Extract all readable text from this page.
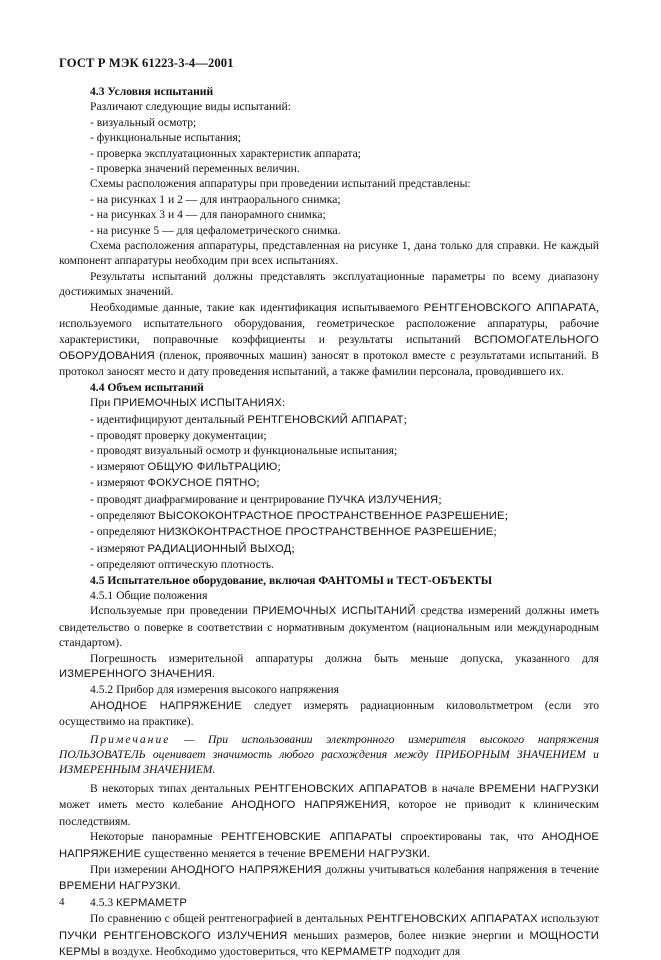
ГОСТ Р МЭК 61223-3-4—2001

4.3 Условия испытаний

Различают следующие виды испытаний:

- визуальный осмотр;

- функциональные испытания;

- проверка эксплуатационных характеристик аппарата;

- проверка значений переменных величин.

Схемы расположения аппаратуры при проведении испытаний представлены:

- на рисунках 1 и 2 — для интраорального снимка;

- на рисунках 3 и 4 — для панорамного снимка;

- на рисунке 5 — для цефалометрического снимка.

Схема расположения аппаратуры, представленная на рисунке 1, дана только для справки. Не каждый компонент аппаратуры необходим при всех испытаниях.

Результаты испытаний должны представлять эксплуатационные параметры по всему диапазону достижимых значений.

Необходимые данные, такие как идентификация испытываемого РЕНТГЕНОВСКОГО АППАРАТА, используемого испытательного оборудования, геометрическое расположение аппаратуры, рабочие характеристики, поправочные коэффициенты и результаты испытаний ВСПОМОГАТЕЛЬНОГО ОБОРУДОВАНИЯ (пленок, проявочных машин) заносят в протокол вместе с результатами испытаний. В протокол заносят место и дату проведения испытаний, а также фамилии персонала, проводившего их.

4.4 Объем испытаний

При ПРИЕМОЧНЫХ ИСПЫТАНИЯХ:

- идентифицируют дентальный РЕНТГЕНОВСКИЙ АППАРАТ;

- проводят проверку документации;

- проводят визуальный осмотр и функциональные испытания;

- измеряют ОБЩУЮ ФИЛЬТРАЦИЮ;

- измеряют ФОКУСНОЕ ПЯТНО;

- проводят диафрагмирование и центрирование ПУЧКА ИЗЛУЧЕНИЯ;

- определяют ВЫСОКОКОНТРАСТНОЕ ПРОСТРАНСТВЕННОЕ РАЗРЕШЕНИЕ;

- определяют НИЗКОКОНТРАСТНОЕ ПРОСТРАНСТВЕННОЕ РАЗРЕШЕНИЕ;

- измеряют РАДИАЦИОННЫЙ ВЫХОД;

- определяют оптическую плотность.

4.5 Испытательное оборудование, включая ФАНТОМЫ и ТЕСТ-ОБЪЕКТЫ

4.5.1 Общие положения

Используемые при проведении ПРИЕМОЧНЫХ ИСПЫТАНИЙ средства измерений должны иметь свидетельство о поверке в соответствии с нормативным документом (национальным или международным стандартом).

Погрешность измерительной аппаратуры должна быть меньше допуска, указанного для ИЗМЕРЕННОГО ЗНАЧЕНИЯ.

4.5.2 Прибор для измерения высокого напряжения

АНОДНОЕ НАПРЯЖЕНИЕ следует измерять радиационным киловольтметром (если это осуществимо на практике).

Примечание — При использовании электронного измерителя высокого напряжения ПОЛЬЗОВАТЕЛЬ оценивает значимость любого расхождения между ПРИБОРНЫМ ЗНАЧЕНИЕМ и ИЗМЕРЕННЫМ ЗНАЧЕНИЕМ.

В некоторых типах дентальных РЕНТГЕНОВСКИХ АППАРАТОВ в начале ВРЕМЕНИ НАГРУЗКИ может иметь место колебание АНОДНОГО НАПРЯЖЕНИЯ, которое не приводит к клиническим последствиям.

Некоторые панорамные РЕНТГЕНОВСКИЕ АППАРАТЫ спроектированы так, что АНОДНОЕ НАПРЯЖЕНИЕ существенно меняется в течение ВРЕМЕНИ НАГРУЗКИ.

При измерении АНОДНОГО НАПРЯЖЕНИЯ должны учитываться колебания напряжения в течение ВРЕМЕНИ НАГРУЗКИ.

4.5.3 КЕРМАМЕТР

По сравнению с общей рентгенографией в дентальных РЕНТГЕНОВСКИХ АППАРАТАХ используют ПУЧКИ РЕНТГЕНОВСКОГО ИЗЛУЧЕНИЯ меньших размеров, более низкие энергии и МОЩНОСТИ КЕРМЫ в воздухе. Необходимо удостовериться, что КЕРМАМЕТР подходит для

4
